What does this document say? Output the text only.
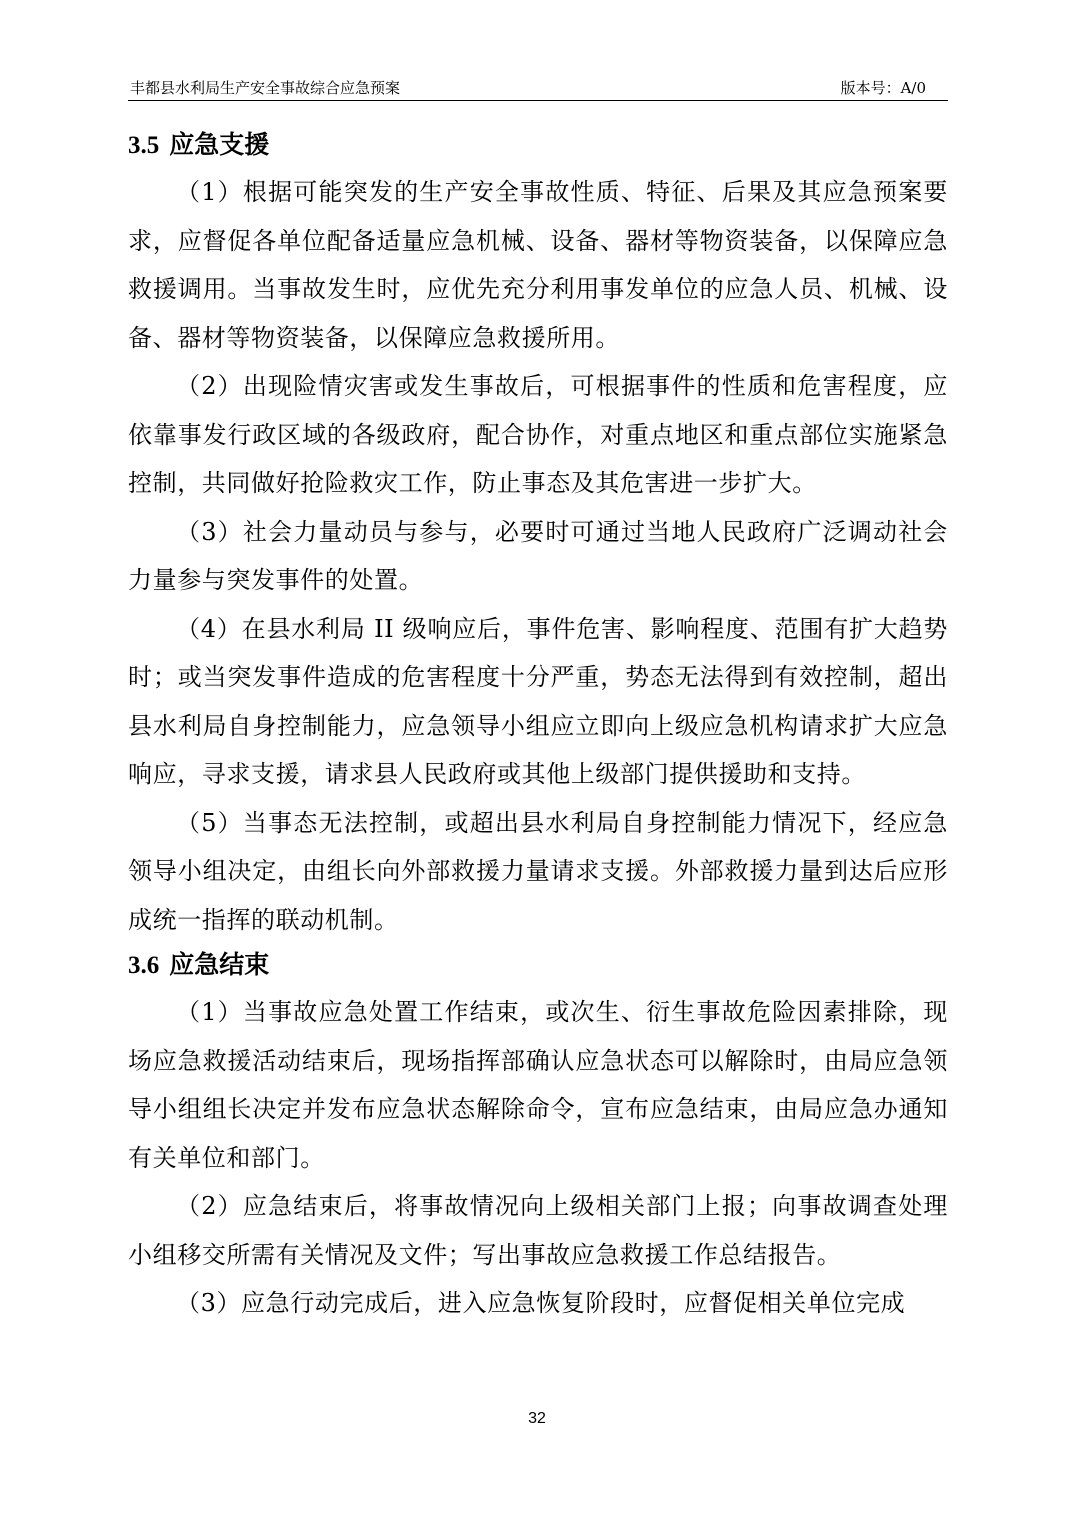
丰都县水利局生产安全事故综合应急预案	版本号：A/0
3.5 应急支援

（1）根据可能突发的生产安全事故性质、特征、后果及其应急预案要求，应督促各单位配备适量应急机械、设备、器材等物资装备，以保障应急救援调用。当事故发生时，应优先充分利用事发单位的应急人员、机械、设备、器材等物资装备，以保障应急救援所用。

（2）出现险情灾害或发生事故后，可根据事件的性质和危害程度，应依靠事发行政区域的各级政府，配合协作，对重点地区和重点部位实施紧急控制，共同做好抢险救灾工作，防止事态及其危害进一步扩大。

（3）社会力量动员与参与，必要时可通过当地人民政府广泛调动社会力量参与突发事件的处置。

（4）在县水利局 II 级响应后，事件危害、影响程度、范围有扩大趋势时；或当突发事件造成的危害程度十分严重，势态无法得到有效控制，超出县水利局自身控制能力，应急领导小组应立即向上级应急机构请求扩大应急响应，寻求支援，请求县人民政府或其他上级部门提供援助和支持。

（5）当事态无法控制，或超出县水利局自身控制能力情况下，经应急领导小组决定，由组长向外部救援力量请求支援。外部救援力量到达后应形成统一指挥的联动机制。

3.6 应急结束

（1）当事故应急处置工作结束，或次生、衍生事故危险因素排除，现场应急救援活动结束后，现场指挥部确认应急状态可以解除时，由局应急领导小组组长决定并发布应急状态解除命令，宣布应急结束，由局应急办通知有关单位和部门。

（2）应急结束后，将事故情况向上级相关部门上报；向事故调查处理小组移交所需有关情况及文件；写出事故应急救援工作总结报告。

（3）应急行动完成后，进入应急恢复阶段时，应督促相关单位完成

32
